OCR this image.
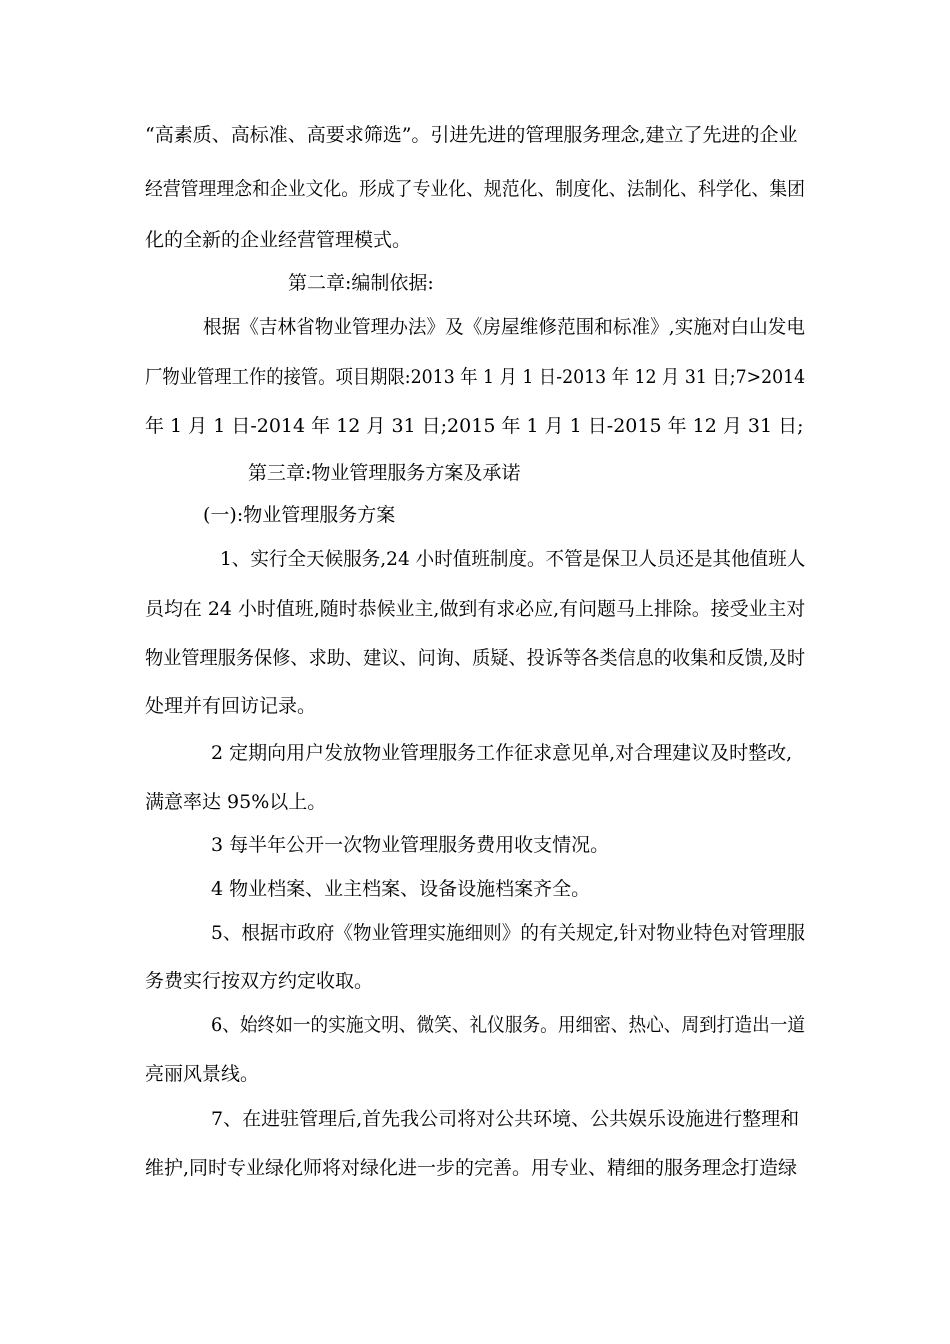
“高素质、高标准、高要求筛选”。引进先进的管理服务理念,建立了先进的企业
经营管理理念和企业文化。形成了专业化、规范化、制度化、法制化、科学化、集团
化的全新的企业经营管理模式。
第二章:编制依据:
根据《吉林省物业管理办法》及《房屋维修范围和标准》,实施对白山发电
厂物业管理工作的接管。项目期限:2013 年 1 月 1 日-2013 年 12 月 31 日;7>2014
年 1 月 1 日-2014 年 12 月 31 日;2015 年 1 月 1 日-2015 年 12 月 31 日;
第三章:物业管理服务方案及承诺
(一):物业管理服务方案
1、实行全天候服务,24 小时值班制度。不管是保卫人员还是其他值班人
员均在 24 小时值班,随时恭候业主,做到有求必应,有问题马上排除。接受业主对
物业管理服务保修、求助、建议、问询、质疑、投诉等各类信息的收集和反馈,及时
处理并有回访记录。
2 定期向用户发放物业管理服务工作征求意见单,对合理建议及时整改,
满意率达 95%以上。
3 每半年公开一次物业管理服务费用收支情况。
4 物业档案、业主档案、设备设施档案齐全。
5、根据市政府《物业管理实施细则》的有关规定,针对物业特色对管理服
务费实行按双方约定收取。
6、始终如一的实施文明、微笑、礼仪服务。用细密、热心、周到打造出一道
亮丽风景线。
7、在进驻管理后,首先我公司将对公共环境、公共娱乐设施进行整理和
维护,同时专业绿化师将对绿化进一步的完善。用专业、精细的服务理念打造绿
